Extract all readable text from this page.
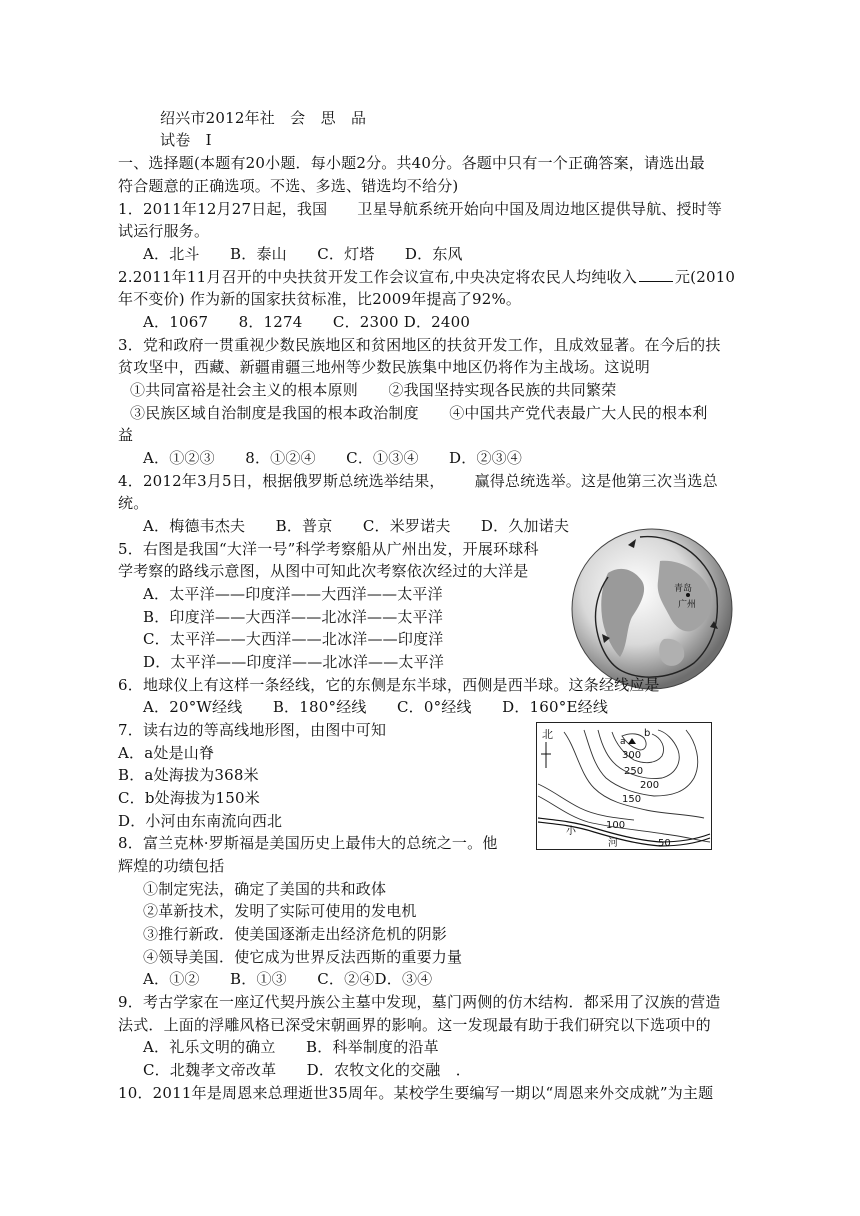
绍兴市2012年社　会　思　品
试卷　I
一、选择题(本题有20小题．每小题2分。共40分。各题中只有一个正确答案，请选出最
符合题意的正确选项。不选、多选、错选均不给分)
1．2011年12月27日起，我国 卫星导航系统开始向中国及周边地区提供导航、授时等
试运行服务。
A．北斗　　B．泰山　　C．灯塔　　D．东风
2.2011年11月召开的中央扶贫开发工作会议宣布,中央决定将农民人均纯收入	元(2010
年不变价) 作为新的国家扶贫标准，比2009年提高了92%。
A．1067　　8．1274　　C．2300 D．2400
3．党和政府一贯重视少数民族地区和贫困地区的扶贫开发工作，且成效显著。在今后的扶
贫攻坚中，西藏、新疆甫疆三地州等少数民族集中地区仍将作为主战场。这说明
①共同富裕是社会主义的根本原则　　②我国坚持实现各民族的共同繁荣
③民族区域自治制度是我国的根本政治制度　　④中国共产党代表最广大人民的根本利
益
A．①②③　　8．①②④　　C．①③④　　D．②③④
4．2012年3月5日，根据俄罗斯总统选举结果， 赢得总统选举。这是他第三次当选总
统。
A．梅德韦杰夫　　B．普京　　C．米罗诺夫　　D．久加诺夫
5．右图是我国“大洋一号”科学考察船从广州出发，开展环球科
学考察的路线示意图，从图中可知此次考察依次经过的大洋是
A．太平洋——印度洋——大西洋——太平洋
B．印度洋——大西洋——北冰洋——太平洋
C．太平洋——大西洋——北冰洋——印度洋
D．太平洋——印度洋——北冰洋——太平洋
青岛
广州
6．地球仪上有这样一条经线，它的东侧是东半球，西侧是西半球。这条经线应是
A．20°W经线　　B．180°经线　　C．0°经线　　D．160°E经线
7．读右边的等高线地形图，由图中可知
A．a处是山脊
B．a处海拔为368米
C．b处海拔为150米
D．小河由东南流向西北
北
a
b
300
250
200
150
100
50
小
河
8．富兰克林·罗斯福是美国历史上最伟大的总统之一。他
辉煌的功绩包括
①制定宪法，确定了美国的共和政体
②革新技术，发明了实际可使用的发电机
③推行新政．使美国逐渐走出经济危机的阴影
④领导美国．使它成为世界反法西斯的重要力量
A．①②　　B．①③　　C．②④D．③④
9．考古学家在一座辽代契丹族公主墓中发现，墓门两侧的仿木结构．都采用了汉族的营造
法式．上面的浮雕风格已深受宋朝画界的影响。这一发现最有助于我们研究以下选项中的
A．礼乐文明的确立　　B．科举制度的沿革
C．北魏孝文帝改革　　D．农牧文化的交融　．
10．2011年是周恩来总理逝世35周年。某校学生要编写一期以“周恩来外交成就”为主题
